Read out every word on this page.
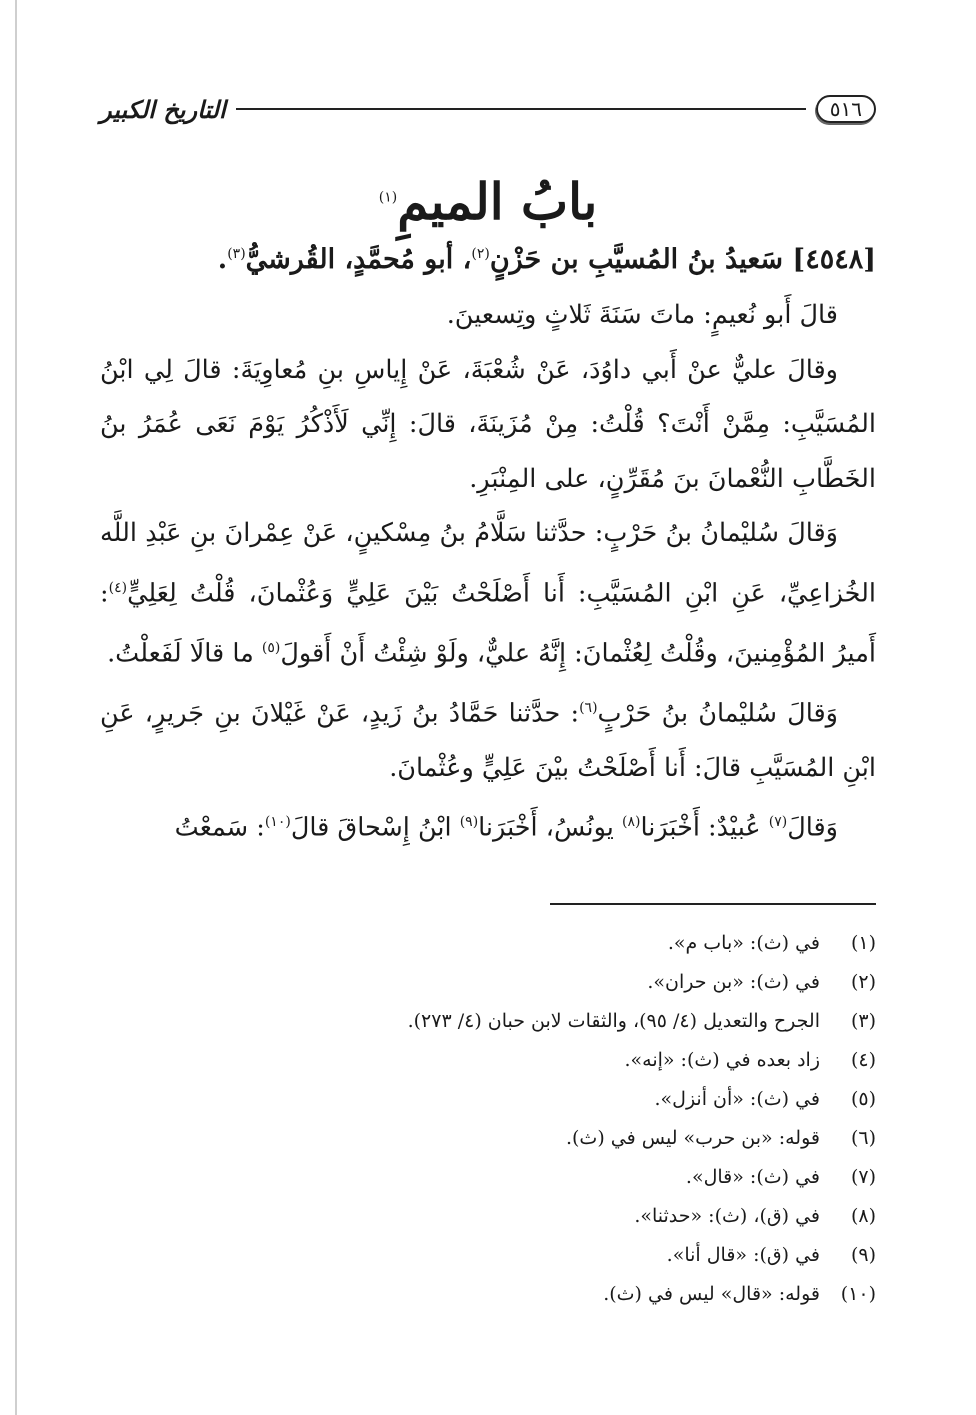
٥١٦
التاريخ الكبير
بابُ الميمِ$^{(١)}$

[٤٥٤٨] سَعيدُ بنُ المُسيَّبِ بن حَزْنٍ$^{(٢)}$، أبو مُحمَّدٍ، القُرشيُّ$^{(٣)}$.

قالَ أَبو نُعيمٍ: ماتَ سَنَةَ ثَلاثٍ وتِسعينَ.

وقالَ عليٌّ عنْ أَبي داوُدَ، عَنْ شُعْبَةَ، عَنْ إِياسِ بنِ مُعاوِيَةَ: قالَ لِي ابْنُ المُسَيَّبِ: مِمَّنْ أَنْتَ؟ قُلْتُ: مِنْ مُزَينَةَ، قالَ: إِنِّي لَأَذْكُرُ يَوْمَ نَعَى عُمَرُ بنُ الخَطَّابِ النُّعْمانَ بنَ مُقَرِّنٍ، على المِنْبَرِ.

وَقالَ سُليْمانُ بنُ حَرْبٍ: حدَّثنا سَلَّامُ بنُ مِسْكينٍ، عَنْ عِمْرانَ بنِ عَبْدِ اللَّه الخُزاعِيِّ، عَنِ ابْنِ المُسَيَّبِ: أَنا أَصْلَحْتُ بَيْنَ عَلِيٍّ وَعُثْمانَ، قُلْتُ لِعَلِيٍّ$^{(٤)}$: أَميرُ المُؤْمِنينَ، وقُلْتُ لِعُثْمانَ: إِنَّهُ عليٌّ، ولَوْ شِئْتُ أَنْ أَقولَ$^{(٥)}$ ما قالَا لَفَعلْتُ.

وَقالَ سُليْمانُ بنُ حَرْبٍ$^{(٦)}$: حدَّثنا حَمَّادُ بنُ زَيدٍ، عَنْ غَيْلانَ بنِ جَريرٍ، عَنِ ابْنِ المُسَيَّبِ قالَ: أَنا أَصْلَحْتُ بيْنَ عَلِيٍّ وعُثْمانَ.

وَقالَ$^{(٧)}$ عُبيْدٌ: أَخْبَرَنا$^{(٨)}$ يونُسُ، أَخْبَرَنا$^{(٩)}$ ابْنُ إِسْحاقَ قالَ$^{(١٠)}$: سَمعْتُ

(١)
في (ث): «باب م».
(٢)
في (ث): «بن حران».
(٣)
الجرح والتعديل (٤/ ٩٥)، والثقات لابن حبان (٤/ ٢٧٣).
(٤)
زاد بعده في (ث): «إنه».
(٥)
في (ث): «أن أنزل».
(٦)
قوله: «بن حرب» ليس في (ث).
(٧)
في (ث): «قال».
(٨)
في (ق)، (ث): «حدثنا».
(٩)
في (ق): «قال أنا».
(١٠)
قوله: «قال» ليس في (ث).
